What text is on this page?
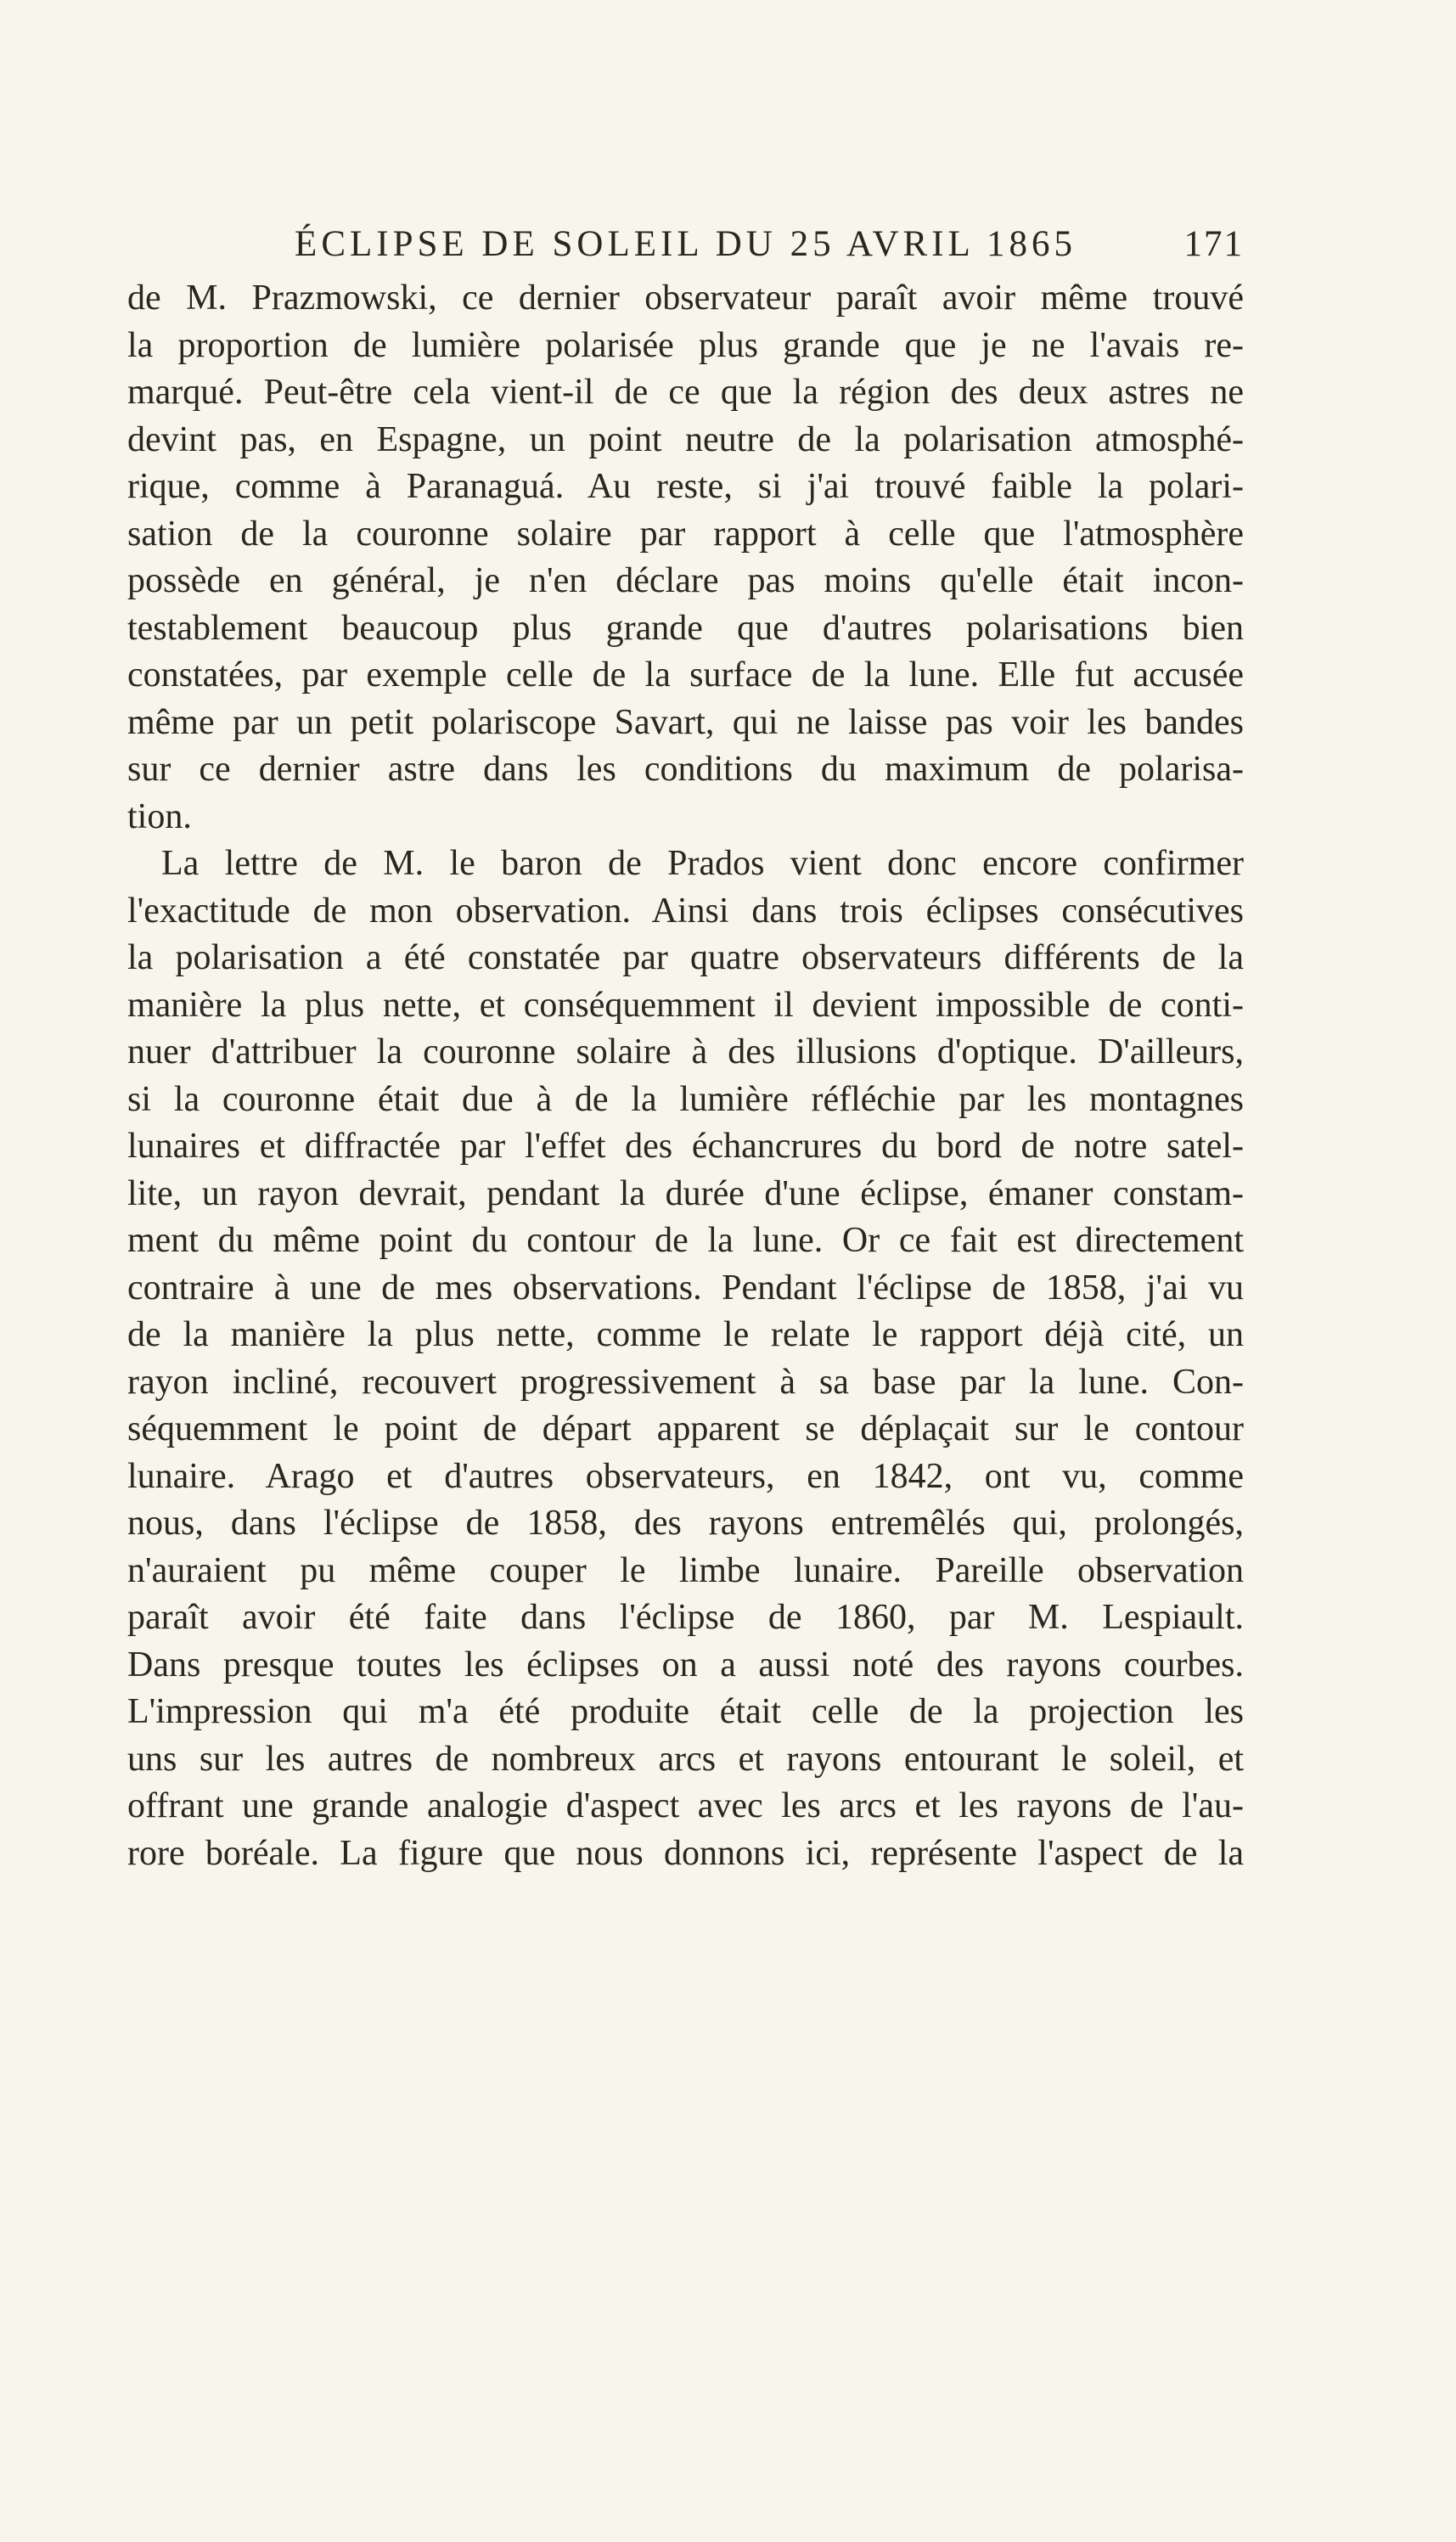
ÉCLIPSE DE SOLEIL DU 25 AVRIL 1865	171
de M. Prazmowski, ce dernier observateur paraît avoir même trouvé
la proportion de lumière polarisée plus grande que je ne l'avais re-
marqué. Peut-être cela vient-il de ce que la région des deux astres ne
devint pas, en Espagne, un point neutre de la polarisation atmosphé-
rique, comme à Paranaguá. Au reste, si j'ai trouvé faible la polari-
sation de la couronne solaire par rapport à celle que l'atmosphère
possède en général, je n'en déclare pas moins qu'elle était incon-
testablement beaucoup plus grande que d'autres polarisations bien
constatées, par exemple celle de la surface de la lune. Elle fut accusée
même par un petit polariscope Savart, qui ne laisse pas voir les bandes
sur ce dernier astre dans les conditions du maximum de polarisa-
tion.
La lettre de M. le baron de Prados vient donc encore confirmer
l'exactitude de mon observation. Ainsi dans trois éclipses consécutives
la polarisation a été constatée par quatre observateurs différents de la
manière la plus nette, et conséquemment il devient impossible de conti-
nuer d'attribuer la couronne solaire à des illusions d'optique. D'ailleurs,
si la couronne était due à de la lumière réfléchie par les montagnes
lunaires et diffractée par l'effet des échancrures du bord de notre satel-
lite, un rayon devrait, pendant la durée d'une éclipse, émaner constam-
ment du même point du contour de la lune. Or ce fait est directement
contraire à une de mes observations. Pendant l'éclipse de 1858, j'ai vu
de la manière la plus nette, comme le relate le rapport déjà cité, un
rayon incliné, recouvert progressivement à sa base par la lune. Con-
séquemment le point de départ apparent se déplaçait sur le contour
lunaire. Arago et d'autres observateurs, en 1842, ont vu, comme
nous, dans l'éclipse de 1858, des rayons entremêlés qui, prolongés,
n'auraient pu même couper le limbe lunaire. Pareille observation
paraît avoir été faite dans l'éclipse de 1860, par M. Lespiault.
Dans presque toutes les éclipses on a aussi noté des rayons courbes.
L'impression qui m'a été produite était celle de la projection les
uns sur les autres de nombreux arcs et rayons entourant le soleil, et
offrant une grande analogie d'aspect avec les arcs et les rayons de l'au-
rore boréale. La figure que nous donnons ici, représente l'aspect de la
